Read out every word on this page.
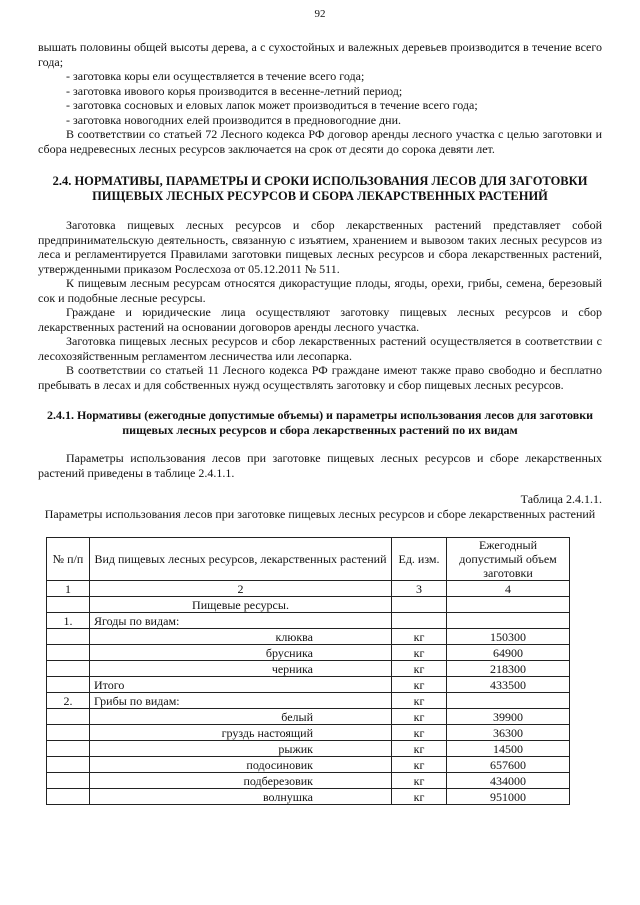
92

вышать половины общей высоты дерева, а с сухостойных и валежных деревьев производится в течение всего года;

- заготовка коры ели осуществляется в течение всего года;

- заготовка ивового корья производится в весенне-летний период;

- заготовка сосновых и еловых лапок может производиться в течение всего года;

- заготовка новогодних елей производится в предновогодние дни.

В соответствии со статьей 72 Лесного кодекса РФ договор аренды лесного участка с целью заготовки и сбора недревесных лесных ресурсов заключается на срок от десяти до сорока девяти лет.

2.4. НОРМАТИВЫ, ПАРАМЕТРЫ И СРОКИ ИСПОЛЬЗОВАНИЯ ЛЕСОВ ДЛЯ ЗАГОТОВКИ ПИЩЕВЫХ ЛЕСНЫХ РЕСУРСОВ И СБОРА ЛЕКАРСТВЕННЫХ РАСТЕНИЙ

Заготовка пищевых лесных ресурсов и сбор лекарственных растений представляет собой предпринимательскую деятельность, связанную с изъятием, хранением и вывозом таких лесных ресурсов из леса и регламентируется Правилами заготовки пищевых лесных ресурсов и сбора лекарственных растений, утвержденными приказом Рослесхоза от 05.12.2011 № 511.

К пищевым лесным ресурсам относятся дикорастущие плоды, ягоды, орехи, грибы, семена, березовый сок и подобные лесные ресурсы.

Граждане и юридические лица осуществляют заготовку пищевых лесных ресурсов и сбор лекарственных растений на основании договоров аренды лесного участка.

Заготовка пищевых лесных ресурсов и сбор лекарственных растений осуществляется в соответствии с лесохозяйственным регламентом лесничества или лесопарка.

В соответствии со статьей 11 Лесного кодекса РФ граждане имеют также право свободно и бесплатно пребывать в лесах и для собственных нужд осуществлять заготовку и сбор пищевых лесных ресурсов.

2.4.1. Нормативы (ежегодные допустимые объемы) и параметры использования лесов для заготовки пищевых лесных ресурсов и сбора лекарственных растений по их видам

Параметры использования лесов при заготовке пищевых лесных ресурсов и сборе лекарственных растений приведены в таблице 2.4.1.1.

Таблица 2.4.1.1.

Параметры использования лесов при заготовке пищевых лесных ресурсов и сборе лекарственных растений

№ п/п	Вид пищевых лесных ресурсов, лекарственных растений	Ед. изм.	Ежегодный допустимый объем заготовки
1	2	3	4
	Пищевые ресурсы.		
1.	Ягоды по видам:		
	клюква	кг	150300
	брусника	кг	64900
	черника	кг	218300
	Итого	кг	433500
2.	Грибы по видам:	кг	
	белый	кг	39900
	груздь настоящий	кг	36300
	рыжик	кг	14500
	подосиновик	кг	657600
	подберезовик	кг	434000
	волнушка	кг	951000
